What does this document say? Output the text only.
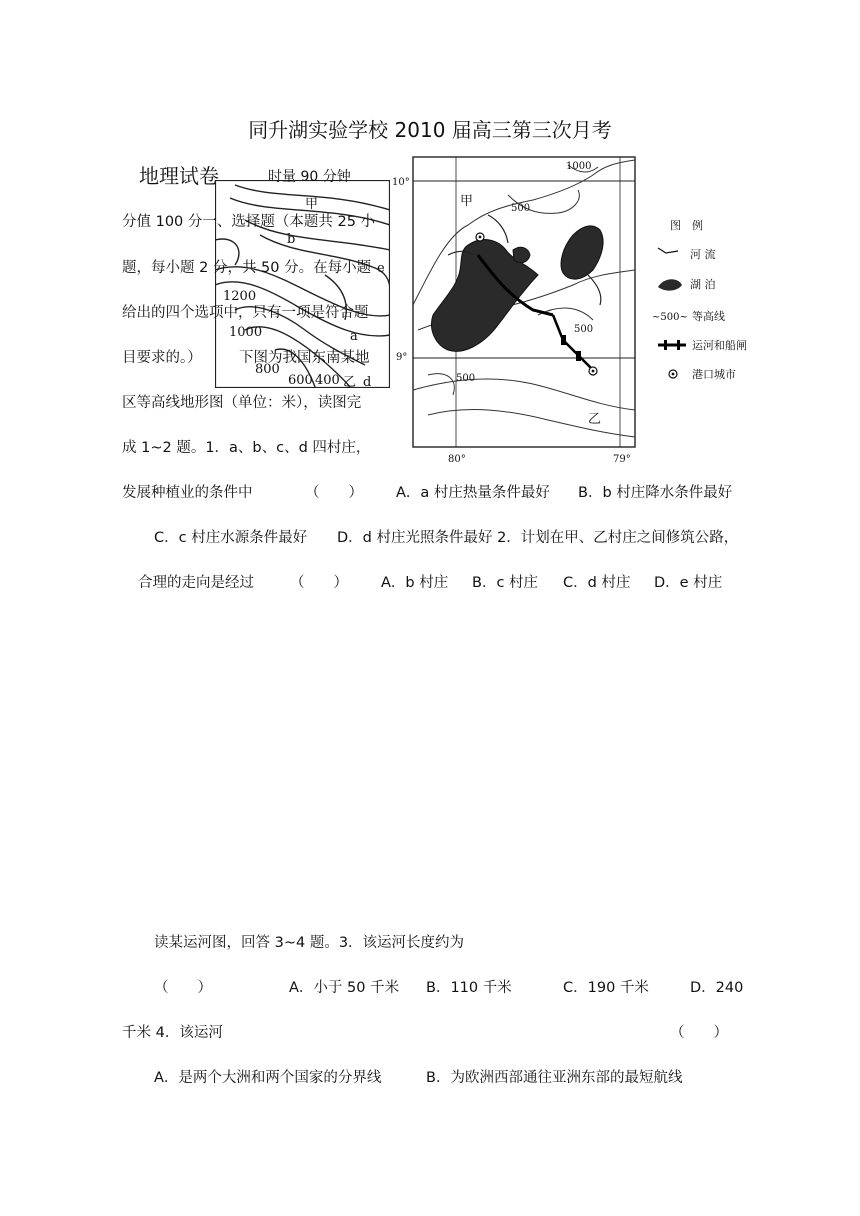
同升湖实验学校 2010 届高三第三次月考
地理试卷
甲
b
e
1200
1000	a
800
600 400 d
乙
时量 90 分钟
分值 100 分一、选择题（本题共 25 小
题，每小题 2 分，共 50 分。在每小题
给出的四个选项中，只有一项是符合题
目要求的。）	下图为我国东南某地
区等高线地形图（单位：米），读图完
成 1~2 题。1．a、b、c、d 四村庄，
10°
9°
80°	79°
甲
乙
1000
500
500
500
图　例
河 流
湖 泊
~500~ 等高线
运河和船闸
港口城市
发展种植业的条件中	（　　） A．a 村庄热量条件最好 B．b 村庄降水条件最好
C．c 村庄水源条件最好 D．d 村庄光照条件最好 2．计划在甲、乙村庄之间修筑公路，
合理的走向是经过 （　　） A．b 村庄 B．c 村庄 C．d 村庄 D．e 村庄
读某运河图，回答 3~4 题。3．该运河长度约为
（　　）	A．小于 50 千米 B．110 千米	C．190 千米	D．240
千米 4．该运河	（　　）
A．是两个大洲和两个国家的分界线	B．为欧洲西部通往亚洲东部的最短航线
